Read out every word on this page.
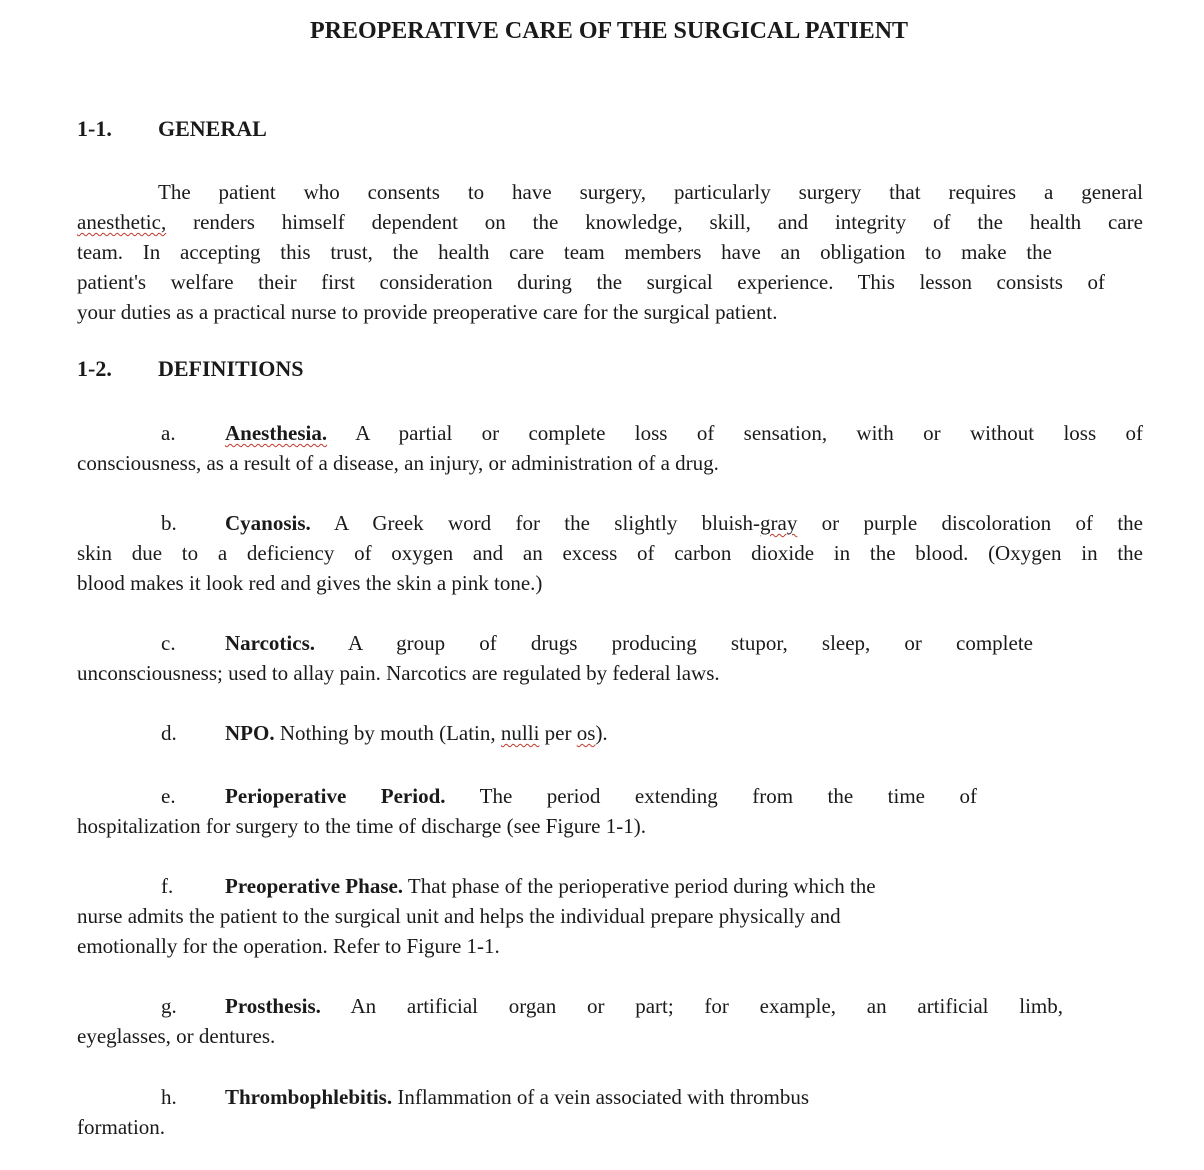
PREOPERATIVE CARE OF THE SURGICAL PATIENT
1-1. GENERAL
The patient who consents to have surgery, particularly surgery that requires a general
anesthetic, renders himself dependent on the knowledge, skill, and integrity of the health care
team. In accepting this trust, the health care team members have an obligation to make the
patient's welfare their first consideration during the surgical experience. This lesson consists of
your duties as a practical nurse to provide preoperative care for the surgical patient.
1-2. DEFINITIONS
a.	Anesthesia. A partial or complete loss of sensation, with or without loss of
consciousness, as a result of a disease, an injury, or administration of a drug.
b.	Cyanosis. A Greek word for the slightly bluish-gray or purple discoloration of the
skin due to a deficiency of oxygen and an excess of carbon dioxide in the blood. (Oxygen in the
blood makes it look red and gives the skin a pink tone.)
c.	Narcotics. A group of drugs producing stupor, sleep, or complete
unconsciousness; used to allay pain. Narcotics are regulated by federal laws.
d.	NPO. Nothing by mouth (Latin, nulli per os).
e.	Perioperative Period. The period extending from the time of
hospitalization for surgery to the time of discharge (see Figure 1-1).
f.	Preoperative Phase. That phase of the perioperative period during which the
nurse admits the patient to the surgical unit and helps the individual prepare physically and
emotionally for the operation. Refer to Figure 1-1.
g.	Prosthesis. An artificial organ or part; for example, an artificial limb,
eyeglasses, or dentures.
h.	Thrombophlebitis. Inflammation of a vein associated with thrombus
formation.
